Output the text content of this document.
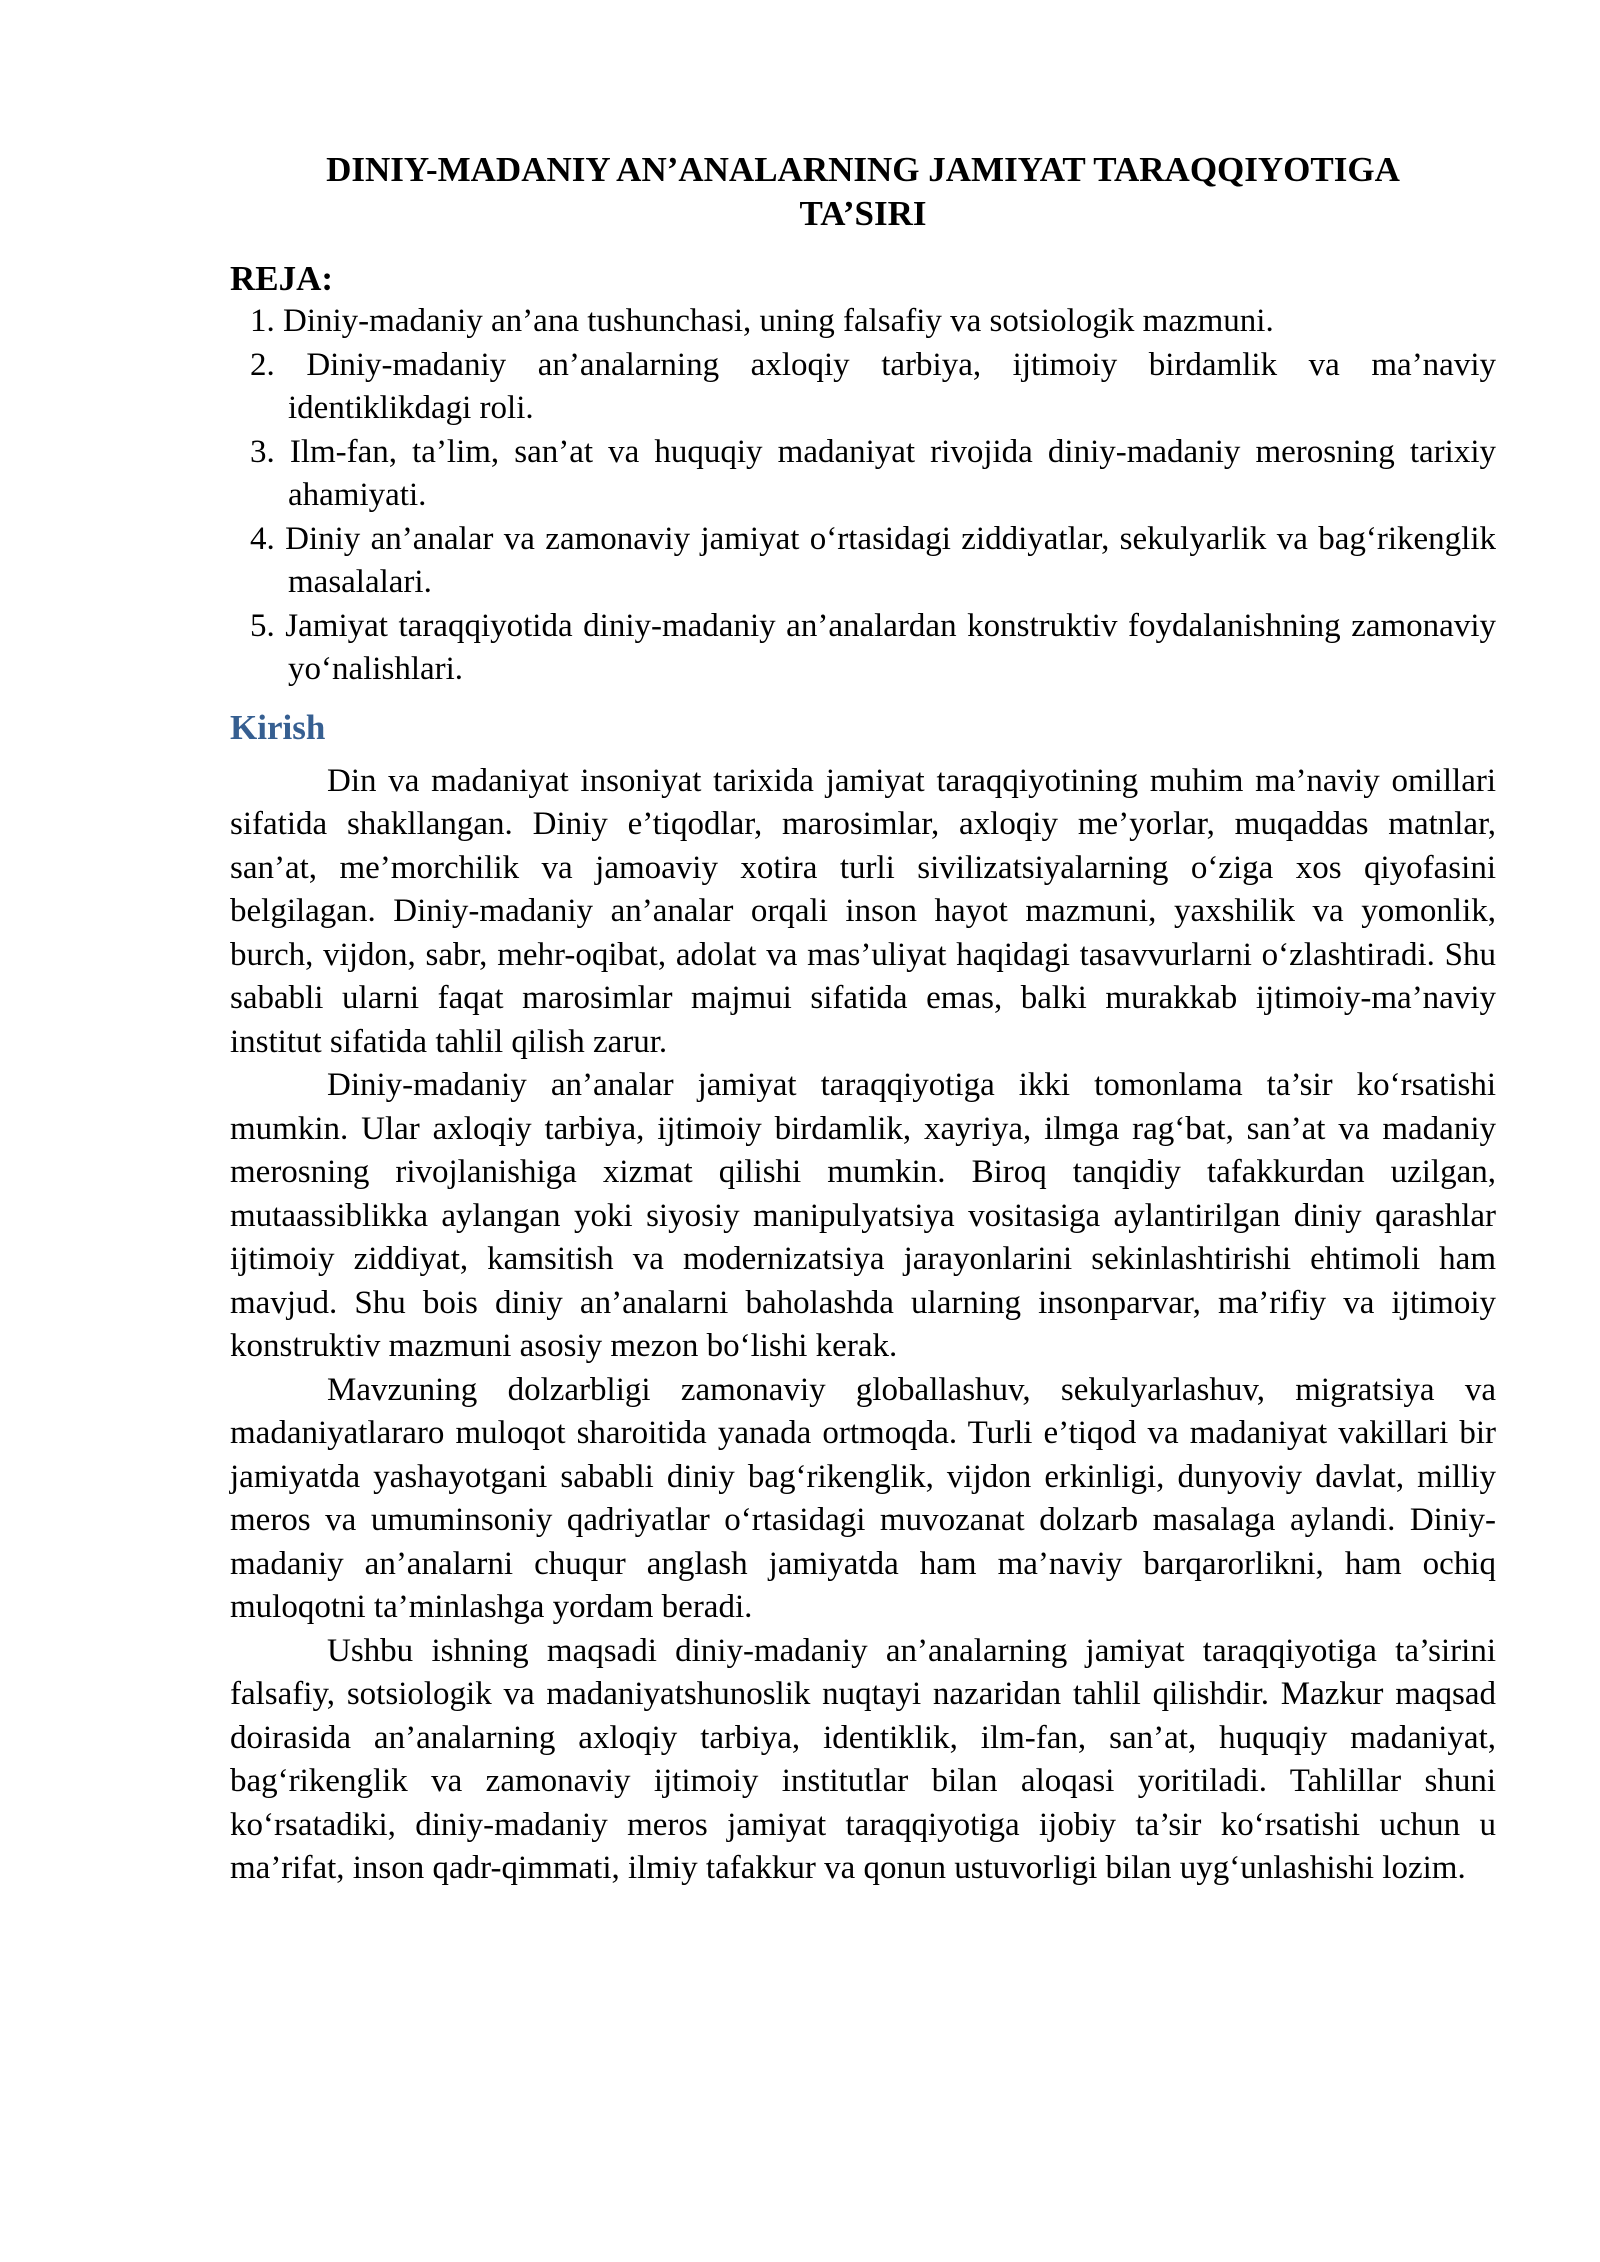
DINIY-MADANIY AN’ANALARNING JAMIYAT TARAQQIYOTIGA
TA’SIRI

REJA:

1. Diniy-madaniy an’ana tushunchasi, uning falsafiy va sotsiologik mazmuni.
2. Diniy-madaniy an’analarning axloqiy tarbiya, ijtimoiy birdamlik va ma’naviy identiklikdagi roli.
3. Ilm-fan, ta’lim, san’at va huquqiy madaniyat rivojida diniy-madaniy merosning tarixiy ahamiyati.
4. Diniy an’analar va zamonaviy jamiyat o‘rtasidagi ziddiyatlar, sekulyarlik va bag‘rikenglik masalalari.
5. Jamiyat taraqqiyotida diniy-madaniy an’analardan konstruktiv foydalanishning zamonaviy yo‘nalishlari.
Kirish

Din va madaniyat insoniyat tarixida jamiyat taraqqiyotining muhim ma’naviy omillari sifatida shakllangan. Diniy e’tiqodlar, marosimlar, axloqiy me’yorlar, muqaddas matnlar, san’at, me’morchilik va jamoaviy xotira turli sivilizatsiyalarning o‘ziga xos qiyofasini belgilagan. Diniy-madaniy an’analar orqali inson hayot mazmuni, yaxshilik va yomonlik, burch, vijdon, sabr, mehr-oqibat, adolat va mas’uliyat haqidagi tasavvurlarni o‘zlashtiradi. Shu sababli ularni faqat marosimlar majmui sifatida emas, balki murakkab ijtimoiy-ma’naviy institut sifatida tahlil qilish zarur.

Diniy-madaniy an’analar jamiyat taraqqiyotiga ikki tomonlama ta’sir ko‘rsatishi mumkin. Ular axloqiy tarbiya, ijtimoiy birdamlik, xayriya, ilmga rag‘bat, san’at va madaniy merosning rivojlanishiga xizmat qilishi mumkin. Biroq tanqidiy tafakkurdan uzilgan, mutaassiblikka aylangan yoki siyosiy manipulyatsiya vositasiga aylantirilgan diniy qarashlar ijtimoiy ziddiyat, kamsitish va modernizatsiya jarayonlarini sekinlashtirishi ehtimoli ham mavjud. Shu bois diniy an’analarni baholashda ularning insonparvar, ma’rifiy va ijtimoiy konstruktiv mazmuni asosiy mezon bo‘lishi kerak.

Mavzuning dolzarbligi zamonaviy globallashuv, sekulyarlashuv, migratsiya va madaniyatlararo muloqot sharoitida yanada ortmoqda. Turli e’tiqod va madaniyat vakillari bir jamiyatda yashayotgani sababli diniy bag‘rikenglik, vijdon erkinligi, dunyoviy davlat, milliy meros va umuminsoniy qadriyatlar o‘rtasidagi muvozanat dolzarb masalaga aylandi. Diniy-madaniy an’analarni chuqur anglash jamiyatda ham ma’naviy barqarorlikni, ham ochiq muloqotni ta’minlashga yordam beradi.

Ushbu ishning maqsadi diniy-madaniy an’analarning jamiyat taraqqiyotiga ta’sirini falsafiy, sotsiologik va madaniyatshunoslik nuqtayi nazaridan tahlil qilishdir. Mazkur maqsad doirasida an’analarning axloqiy tarbiya, identiklik, ilm-fan, san’at, huquqiy madaniyat, bag‘rikenglik va zamonaviy ijtimoiy institutlar bilan aloqasi yoritiladi. Tahlillar shuni ko‘rsatadiki, diniy-madaniy meros jamiyat taraqqiyotiga ijobiy ta’sir ko‘rsatishi uchun u ma’rifat, inson qadr-qimmati, ilmiy tafakkur va qonun ustuvorligi bilan uyg‘unlashishi lozim.
